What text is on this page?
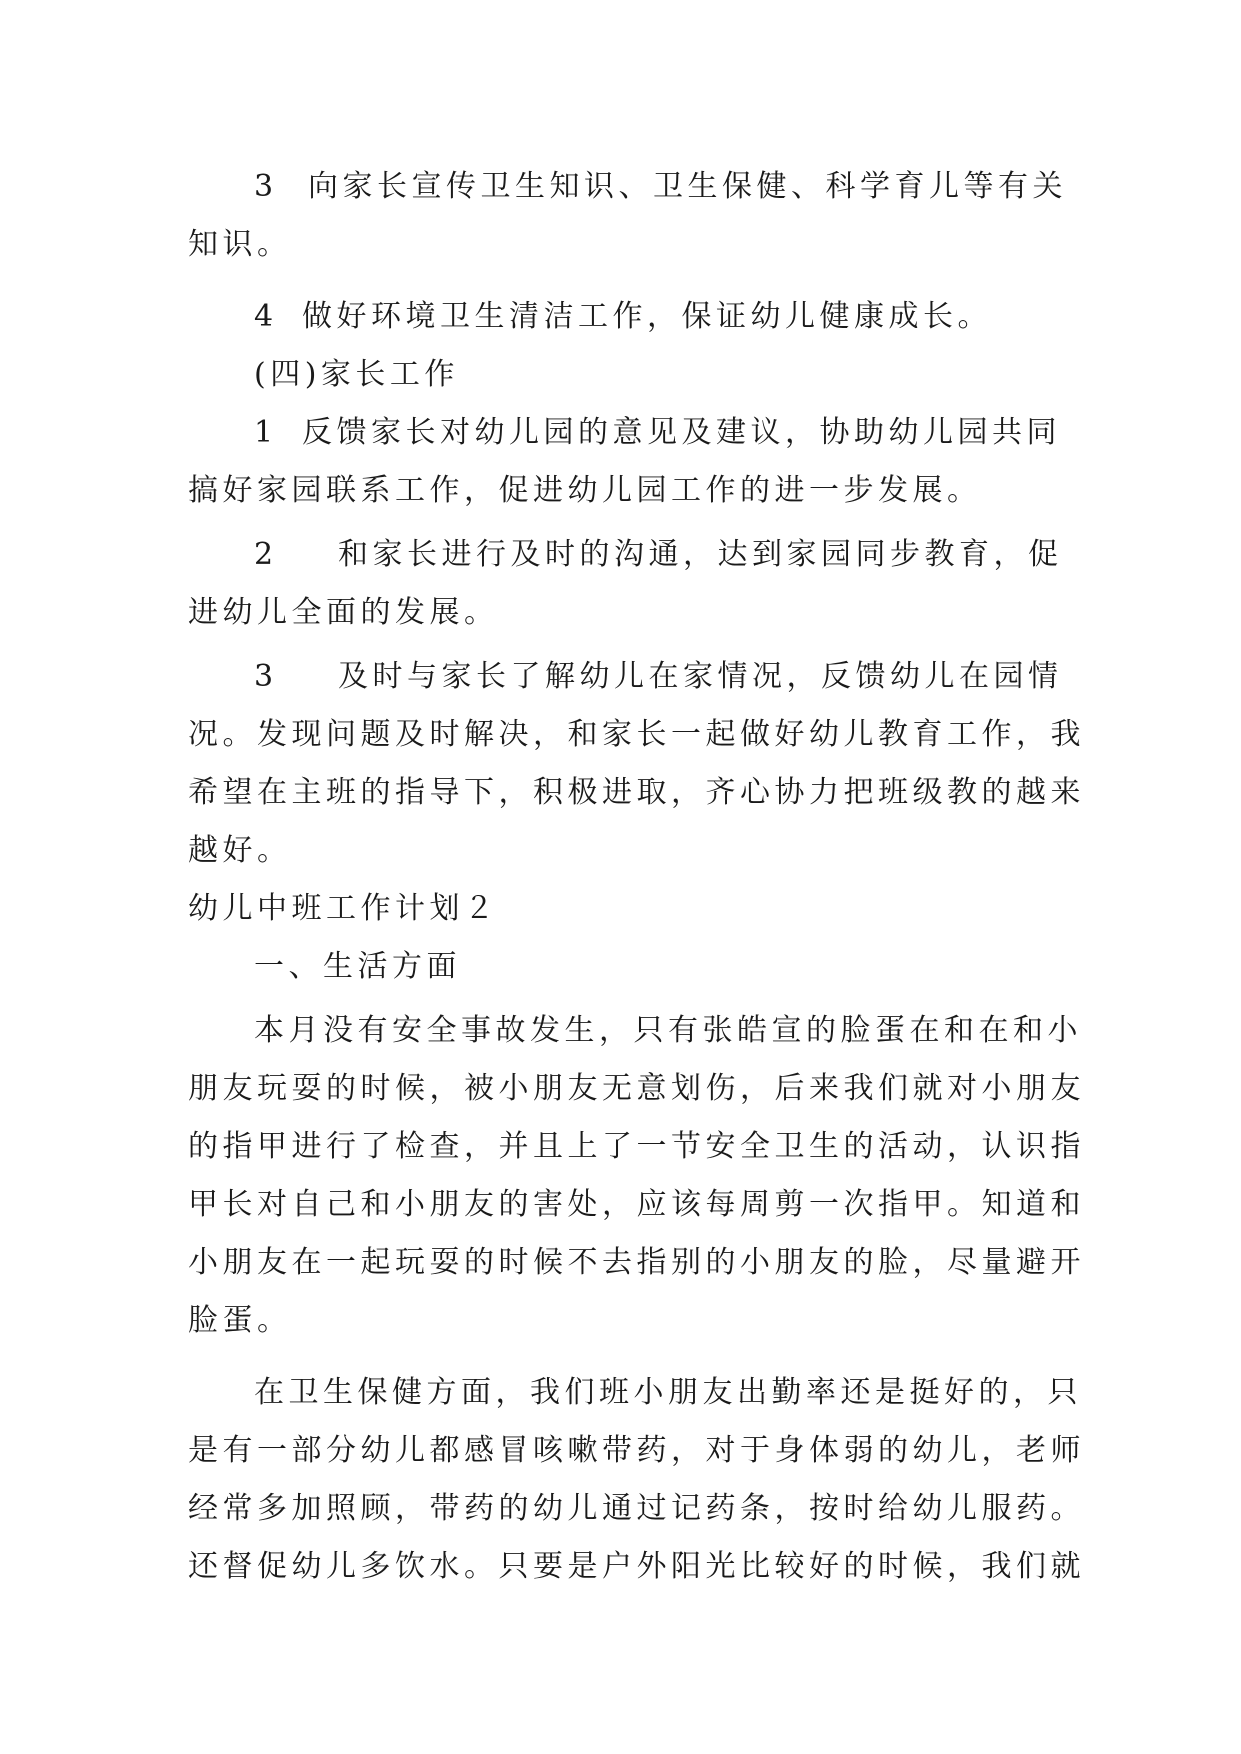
3 向家长宣传卫生知识、卫生保健、科学育儿等有关
知识。
4 做好环境卫生清洁工作，保证幼儿健康成长。
(四)家长工作
1 反馈家长对幼儿园的意见及建议，协助幼儿园共同
搞好家园联系工作，促进幼儿园工作的进一步发展。
2 和家长进行及时的沟通，达到家园同步教育，促
进幼儿全面的发展。
3 及时与家长了解幼儿在家情况，反馈幼儿在园情
况。发现问题及时解决，和家长一起做好幼儿教育工作，我
希望在主班的指导下，积极进取，齐心协力把班级教的越来
越好。
幼儿中班工作计划２
一、生活方面
本月没有安全事故发生，只有张皓宣的脸蛋在和在和小
朋友玩耍的时候，被小朋友无意划伤，后来我们就对小朋友
的指甲进行了检查，并且上了一节安全卫生的活动，认识指
甲长对自己和小朋友的害处，应该每周剪一次指甲。知道和
小朋友在一起玩耍的时候不去指别的小朋友的脸，尽量避开
脸蛋。
在卫生保健方面，我们班小朋友出勤率还是挺好的，只
是有一部分幼儿都感冒咳嗽带药，对于身体弱的幼儿，老师
经常多加照顾，带药的幼儿通过记药条，按时给幼儿服药。
还督促幼儿多饮水。只要是户外阳光比较好的时候，我们就
